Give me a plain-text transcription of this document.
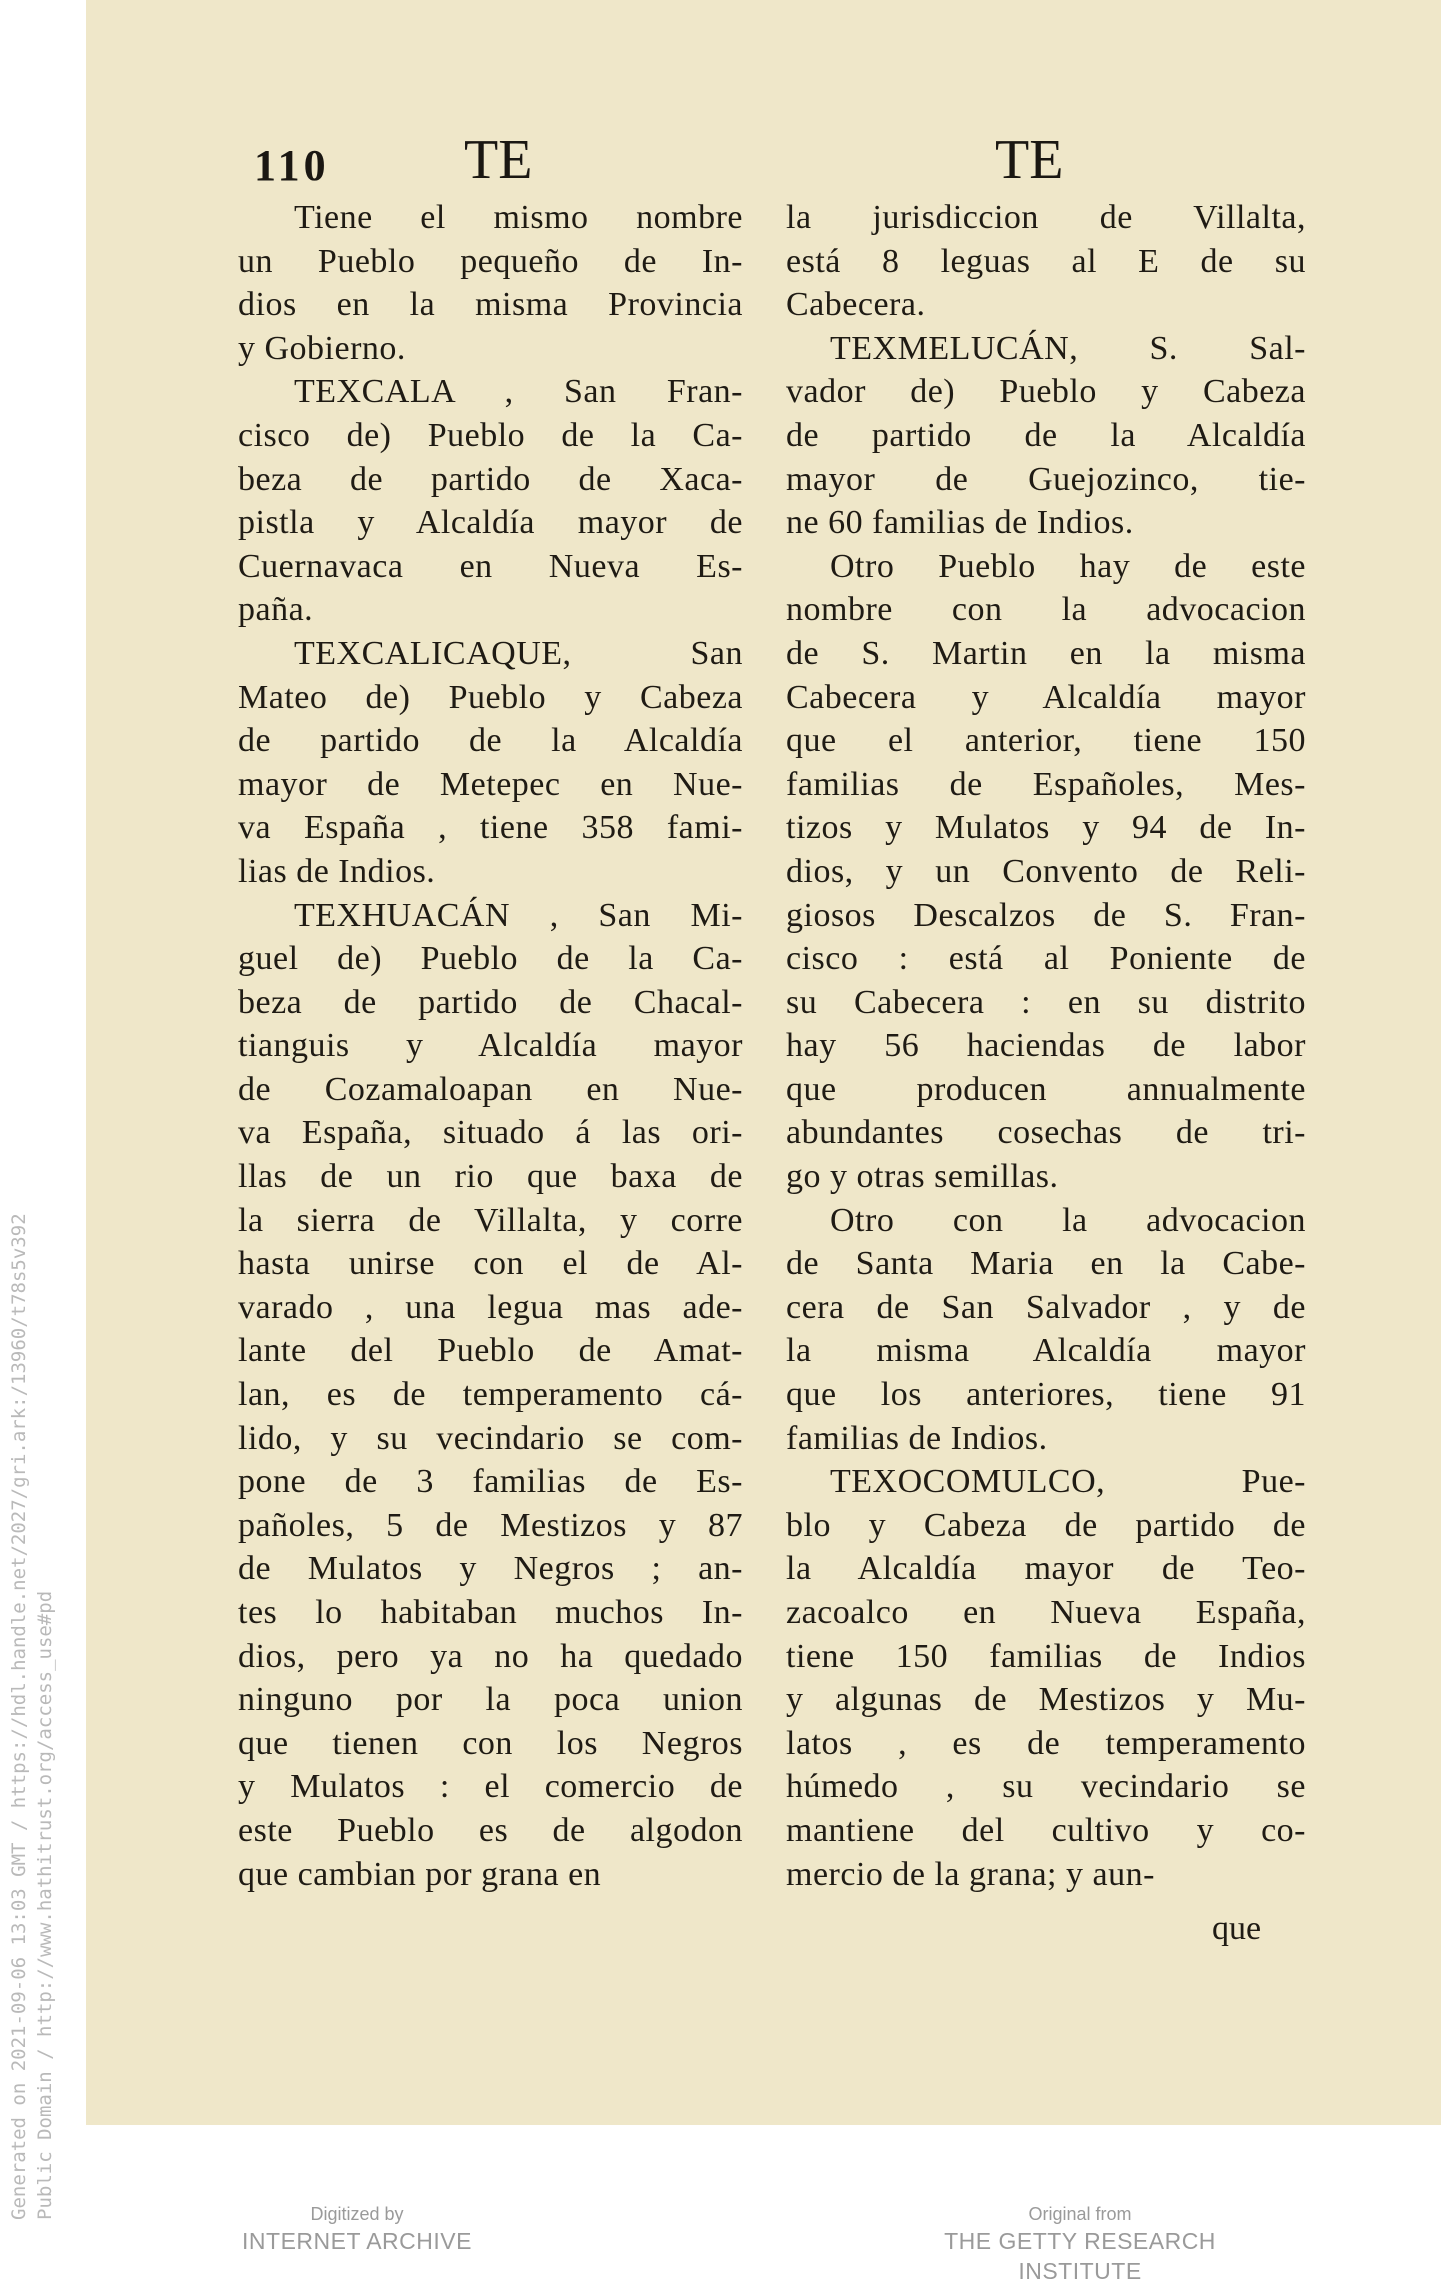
Generated on 2021-09-06 13:03 GMT / https://hdl.handle.net/2027/gri.ark:/13960/t78s5v392 Public Domain / http://www.hathitrust.org/access_use#pd
110 TE	TE
Tiene el mismo nombre
un Pueblo pequeño de In-
dios en la misma Provincia
y Gobierno.
TEXCALA , San Fran-
cisco de) Pueblo de la Ca-
beza de partido de Xaca-
pistla y Alcaldía mayor de
Cuernavaca en Nueva Es-
paña.
TEXCALICAQUE, San
Mateo de) Pueblo y Cabeza
de partido de la Alcaldía
mayor de Metepec en Nue-
va España , tiene 358 fami-
lias de Indios.
TEXHUACÁN , San Mi-
guel de) Pueblo de la Ca-
beza de partido de Chacal-
tianguis y Alcaldía mayor
de Cozamaloapan en Nue-
va España, situado á las ori-
llas de un rio que baxa de
la sierra de Villalta, y corre
hasta unirse con el de Al-
varado , una legua mas ade-
lante del Pueblo de Amat-
lan, es de temperamento cá-
lido, y su vecindario se com-
pone de 3 familias de Es-
pañoles, 5 de Mestizos y 87
de Mulatos y Negros ; an-
tes lo habitaban muchos In-
dios, pero ya no ha quedado
ninguno por la poca union
que tienen con los Negros
y Mulatos : el comercio de
este Pueblo es de algodon
que cambian por grana en
la jurisdiccion de Villalta,
está 8 leguas al E de su
Cabecera.
TEXMELUCÁN, S. Sal-
vador de) Pueblo y Cabeza
de partido de la Alcaldía
mayor de Guejozinco, tie-
ne 60 familias de Indios.
Otro Pueblo hay de este
nombre con la advocacion
de S. Martin en la misma
Cabecera y Alcaldía mayor
que el anterior, tiene 150
familias de Españoles, Mes-
tizos y Mulatos y 94 de In-
dios, y un Convento de Reli-
giosos Descalzos de S. Fran-
cisco : está al Poniente de
su Cabecera : en su distrito
hay 56 haciendas de labor
que producen annualmente
abundantes cosechas de tri-
go y otras semillas.
Otro con la advocacion
de Santa Maria en la Cabe-
cera de San Salvador , y de
la misma Alcaldía mayor
que los anteriores, tiene 91
familias de Indios.
TEXOCOMULCO, Pue-
blo y Cabeza de partido de
la Alcaldía mayor de Teo-
zacoalco en Nueva España,
tiene 150 familias de Indios
y algunas de Mestizos y Mu-
latos , es de temperamento
húmedo , su vecindario se
mantiene del cultivo y co-
mercio de la grana; y aun-
que
Digitized by
INTERNET ARCHIVE
Original from
THE GETTY RESEARCH INSTITUTE
